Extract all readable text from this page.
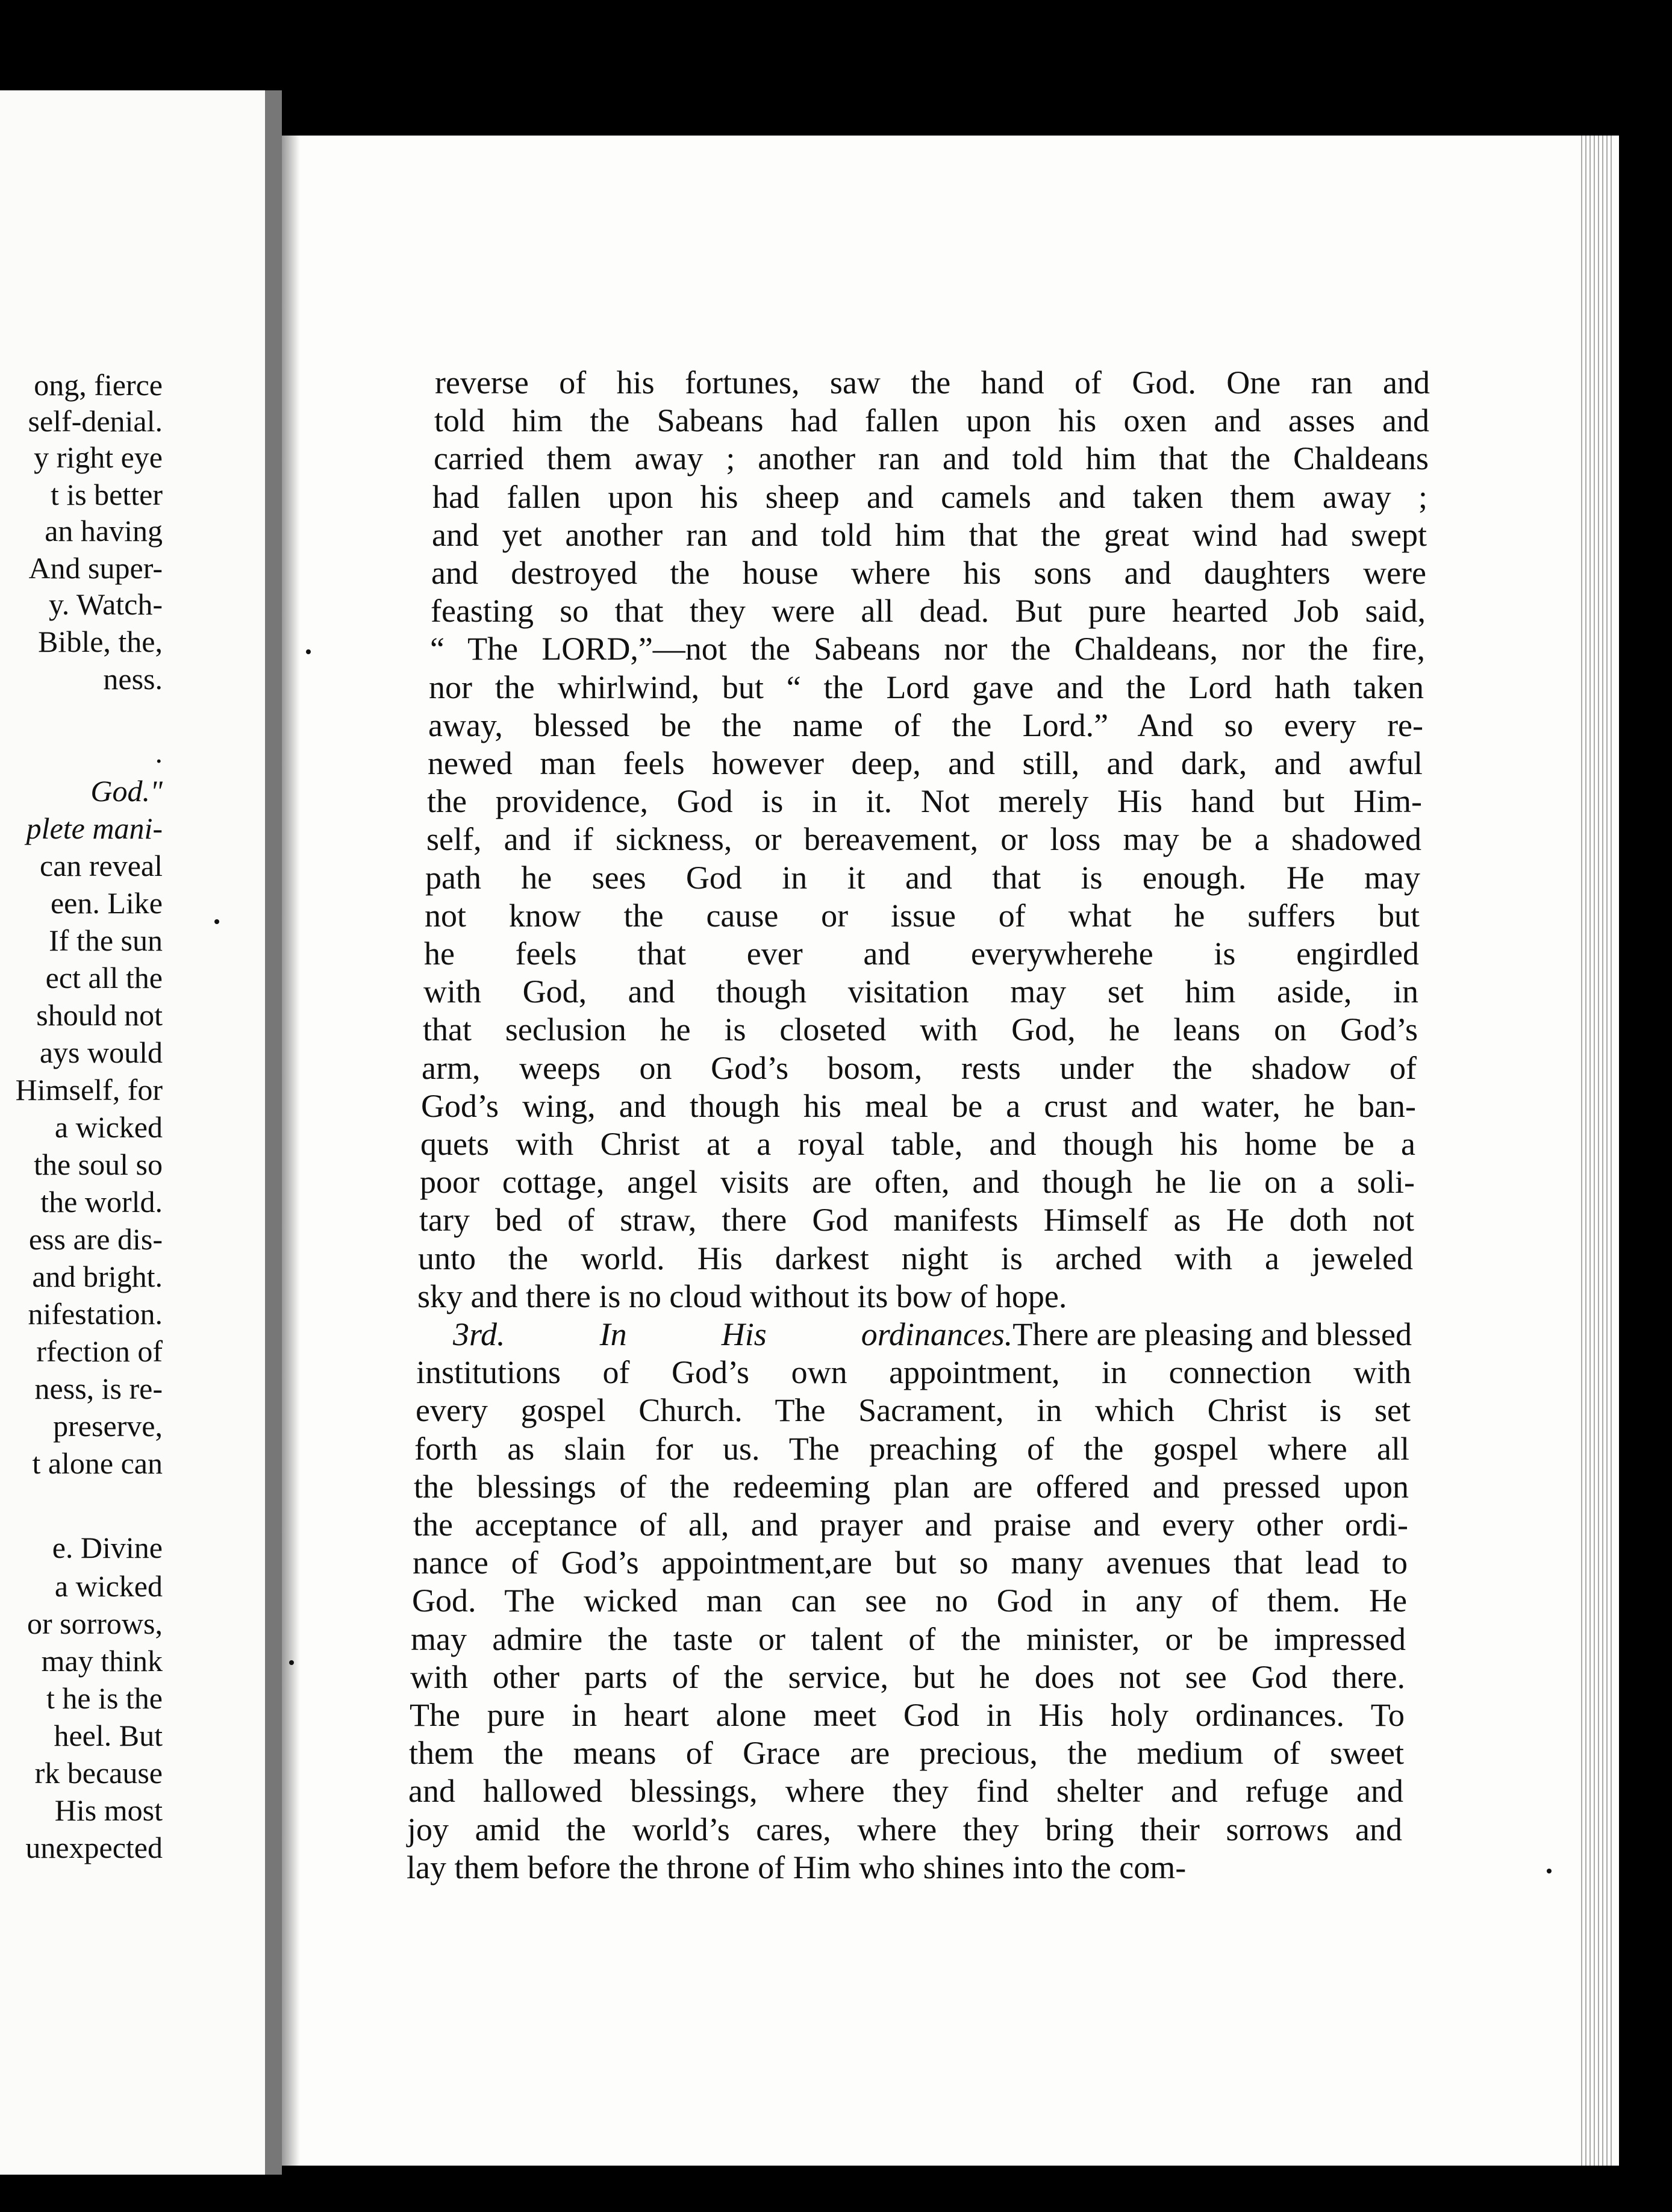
ong, fierce
self-denial.
y right eye
t is better
an having
And super-
y. Watch-
Bible, the,
ness.
.
God."
plete mani-
can reveal
een. Like
If the sun
ect all the
should not
ays would
Himself, for
a wicked
the soul so
the world.
ess are dis-
and bright.
nifestation.
rfection of
ness, is re-
preserve,
t alone can
e. Divine
a wicked
or sorrows,
may think
t he is the
heel. But
rk because
His most
unexpected
reverse of his fortunes, saw the hand of God. One ran and
told him the Sabeans had fallen upon his oxen and asses and
carried them away ; another ran and told him that the Chaldeans
had fallen upon his sheep and camels and taken them away ;
and yet another ran and told him that the great wind had swept
and destroyed the house where his sons and daughters were
feasting so that they were all dead. But pure hearted Job said,
“ The LORD,”—not the Sabeans nor the Chaldeans, nor the fire,
nor the whirlwind, but “ the Lord gave and the Lord hath taken
away, blessed be the name of the Lord.” And so every re-
newed man feels however deep, and still, and dark, and awful
the providence, God is in it. Not merely His hand but Him-
self, and if sickness, or bereavement, or loss may be a shadowed
path he sees God in it and that is enough. He may
not know the cause or issue of what he suffers but
he feels that ever and everywherehe is engirdled
with God, and though visitation may set him aside, in
that seclusion he is closeted with God, he leans on God’s
arm, weeps on God’s bosom, rests under the shadow of
God’s wing, and though his meal be a crust and water, he ban-
quets with Christ at a royal table, and though his home be a
poor cottage, angel visits are often, and though he lie on a soli-
tary bed of straw, there God manifests Himself as He doth not
unto the world. His darkest night is arched with a jeweled
sky and there is no cloud without its bow of hope.
3rd. In His ordinances. There are pleasing and blessed
institutions of God’s own appointment, in connection with
every gospel Church. The Sacrament, in which Christ is set
forth as slain for us. The preaching of the gospel where all
the blessings of the redeeming plan are offered and pressed upon
the acceptance of all, and prayer and praise and every other ordi-
nance of God’s appointment,are but so many avenues that lead to
God. The wicked man can see no God in any of them. He
may admire the taste or talent of the minister, or be impressed
with other parts of the service, but he does not see God there.
The pure in heart alone meet God in His holy ordinances. To
them the means of Grace are precious, the medium of sweet
and hallowed blessings, where they find shelter and refuge and
joy amid the world’s cares, where they bring their sorrows and
lay them before the throne of Him who shines into the com-
